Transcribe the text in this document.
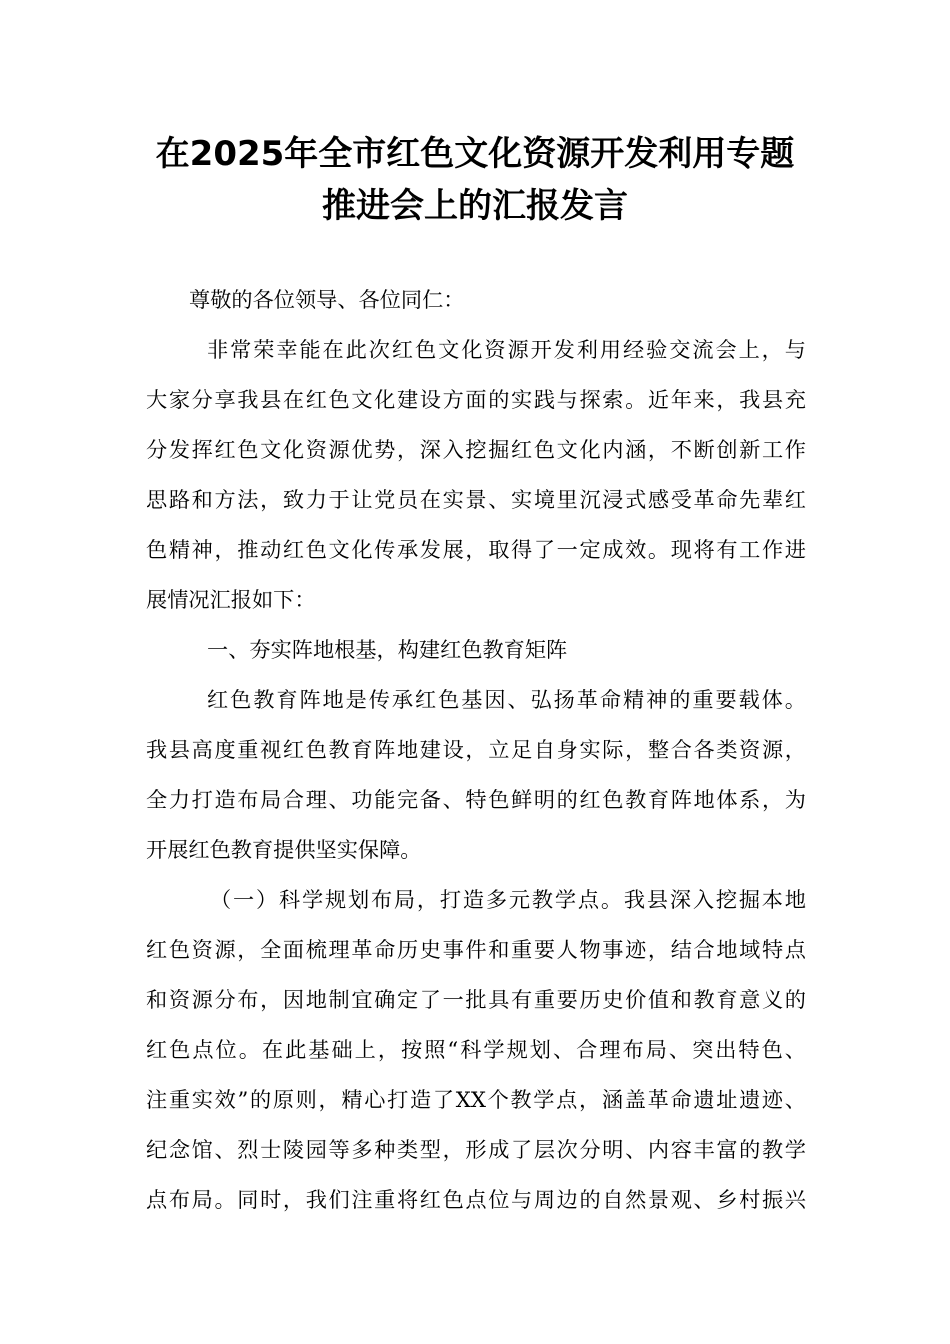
在2025年全市红色文化资源开发利用专题
推进会上的汇报发言
尊敬的各位领导、各位同仁：
非常荣幸能在此次红色文化资源开发利用经验交流会上，与
大家分享我县在红色文化建设方面的实践与探索。近年来，我县充
分发挥红色文化资源优势，深入挖掘红色文化内涵，不断创新工作
思路和方法，致力于让党员在实景、实境里沉浸式感受革命先辈红
色精神，推动红色文化传承发展，取得了一定成效。现将有工作进
展情况汇报如下：
一、夯实阵地根基，构建红色教育矩阵
红色教育阵地是传承红色基因、弘扬革命精神的重要载体。
我县高度重视红色教育阵地建设，立足自身实际，整合各类资源，
全力打造布局合理、功能完备、特色鲜明的红色教育阵地体系，为
开展红色教育提供坚实保障。
（一）科学规划布局，打造多元教学点。我县深入挖掘本地
红色资源，全面梳理革命历史事件和重要人物事迹，结合地域特点
和资源分布，因地制宜确定了一批具有重要历史价值和教育意义的
红色点位。在此基础上，按照“科学规划、合理布局、突出特色、
注重实效”的原则，精心打造了XX个教学点，涵盖革命遗址遗迹、
纪念馆、烈士陵园等多种类型，形成了层次分明、内容丰富的教学
点布局。同时，我们注重将红色点位与周边的自然景观、乡村振兴
